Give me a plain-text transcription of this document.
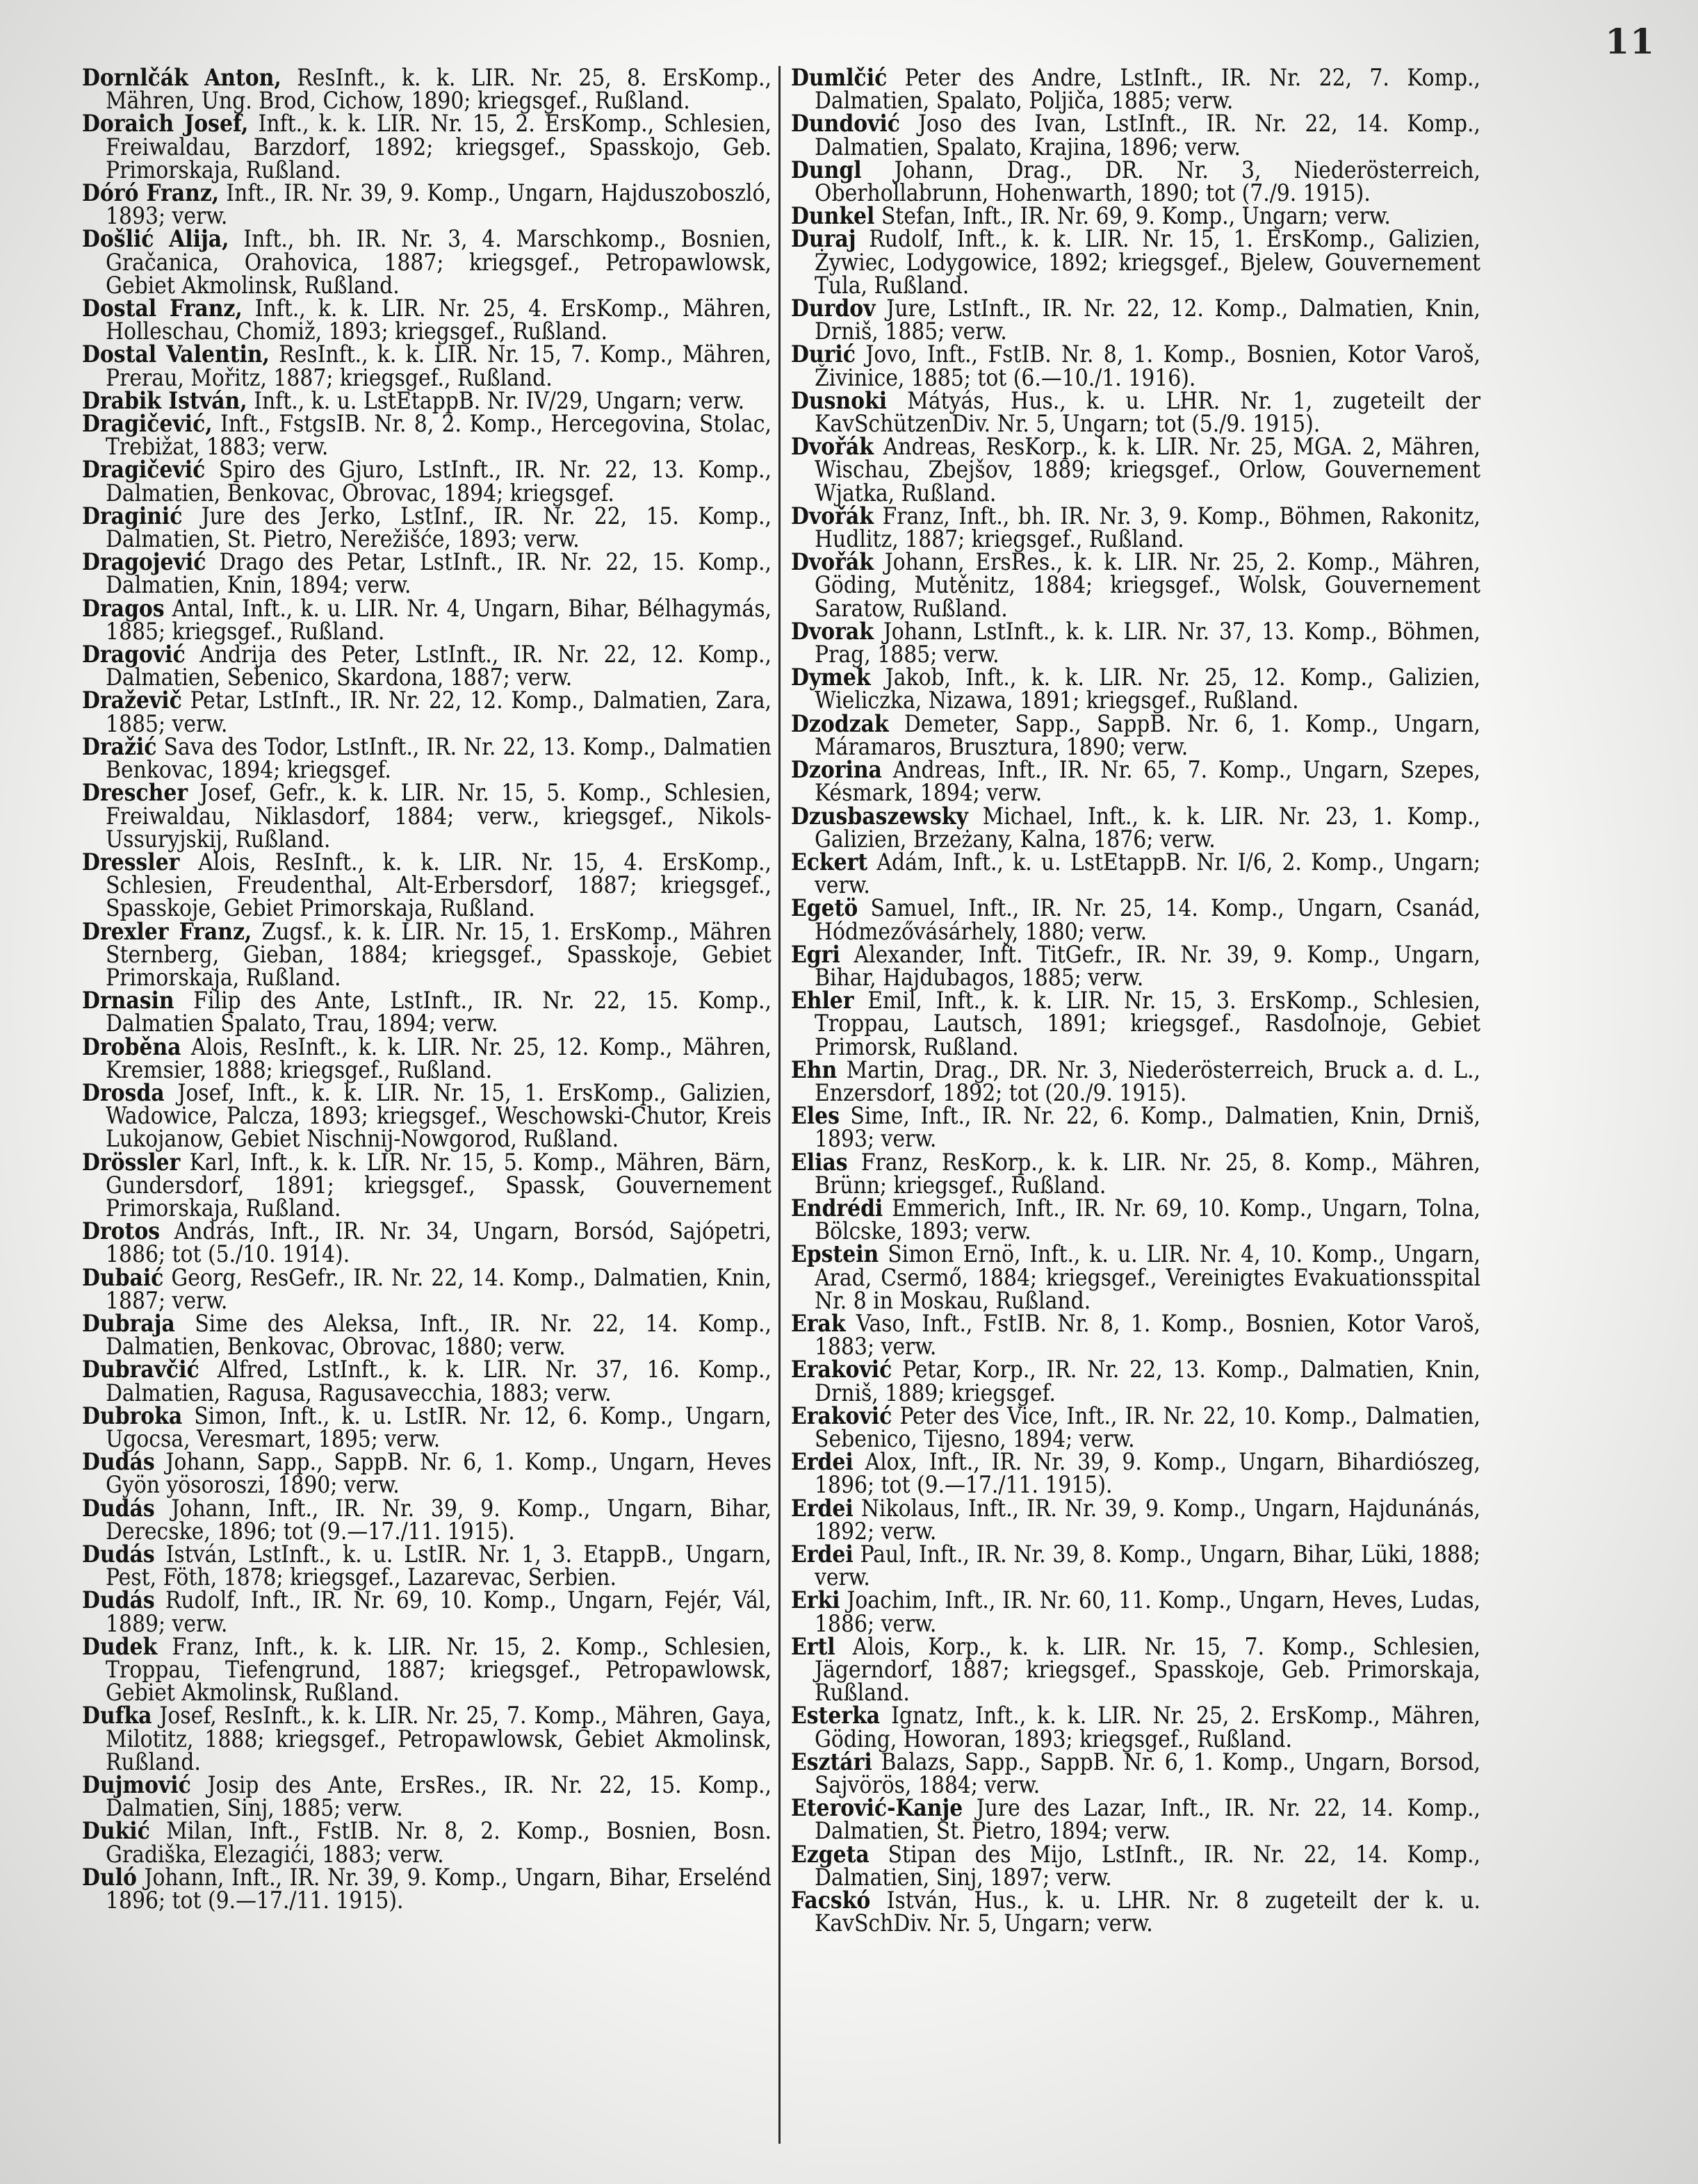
11

Dornlčák Anton, ResInft., k. k. LIR. Nr. 25, 8. ErsKomp., Mähren, Ung. Brod, Cichow, 1890; kriegsgef., Rußland.

Doraich Josef, Inft., k. k. LIR. Nr. 15, 2. ErsKomp., Schlesien, Freiwaldau, Barzdorf, 1892; kriegsgef., Spasskojo, Geb. Primorskaja, Rußland.

Dóró Franz, Inft., IR. Nr. 39, 9. Komp., Ungarn, Hajduszoboszló, 1893; verw.

Došlić Alija, Inft., bh. IR. Nr. 3, 4. Marschkomp., Bosnien, Gračanica, Orahovica, 1887; kriegsgef., Petropawlowsk, Gebiet Akmolinsk, Rußland.

Dostal Franz, Inft., k. k. LIR. Nr. 25, 4. ErsKomp., Mähren, Holleschau, Chomiž, 1893; kriegsgef., Rußland.

Dostal Valentin, ResInft., k. k. LIR. Nr. 15, 7. Komp., Mähren, Prerau, Mořitz, 1887; kriegsgef., Rußland.

Drabik István, Inft., k. u. LstEtappB. Nr. IV/29, Ungarn; verw.

Dragičević, Inft., FstgsIB. Nr. 8, 2. Komp., Hercegovina, Stolac, Trebižat, 1883; verw.

Dragičević Spiro des Gjuro, LstInft., IR. Nr. 22, 13. Komp., Dalmatien, Benkovac, Obrovac, 1894; kriegsgef.

Draginić Jure des Jerko, LstInf., IR. Nr. 22, 15. Komp., Dalmatien, St. Pietro, Nerežišće, 1893; verw.

Dragojević Drago des Petar, LstInft., IR. Nr. 22, 15. Komp., Dalmatien, Knin, 1894; verw.

Dragos Antal, Inft., k. u. LIR. Nr. 4, Ungarn, Bihar, Bélhagymás, 1885; kriegsgef., Rußland.

Dragović Andrija des Peter, LstInft., IR. Nr. 22, 12. Komp., Dalmatien, Sebenico, Skardona, 1887; verw.

Draževič Petar, LstInft., IR. Nr. 22, 12. Komp., Dalmatien, Zara, 1885; verw.

Dražić Sava des Todor, LstInft., IR. Nr. 22, 13. Komp., Dalmatien Benkovac, 1894; kriegsgef.

Drescher Josef, Gefr., k. k. LIR. Nr. 15, 5. Komp., Schlesien, Freiwaldau, Niklasdorf, 1884; verw., kriegsgef., Nikols-Ussuryjskij, Rußland.

Dressler Alois, ResInft., k. k. LIR. Nr. 15, 4. ErsKomp., Schlesien, Freudenthal, Alt-Erbersdorf, 1887; kriegsgef., Spasskoje, Gebiet Primorskaja, Rußland.

Drexler Franz, Zugsf., k. k. LIR. Nr. 15, 1. ErsKomp., Mähren Sternberg, Gieban, 1884; kriegsgef., Spasskoje, Gebiet Primorskaja, Rußland.

Drnasin Filip des Ante, LstInft., IR. Nr. 22, 15. Komp., Dalmatien Spalato, Trau, 1894; verw.

Droběna Alois, ResInft., k. k. LIR. Nr. 25, 12. Komp., Mähren, Kremsier, 1888; kriegsgef., Rußland.

Drosda Josef, Inft., k. k. LIR. Nr. 15, 1. ErsKomp., Galizien, Wadowice, Palcza, 1893; kriegsgef., Weschowski-Chutor, Kreis Lukojanow, Gebiet Nischnij-Nowgorod, Rußland.

Drössler Karl, Inft., k. k. LIR. Nr. 15, 5. Komp., Mähren, Bärn, Gundersdorf, 1891; kriegsgef., Spassk, Gouvernement Primorskaja, Rußland.

Drotos András, Inft., IR. Nr. 34, Ungarn, Borsód, Sajópetri, 1886; tot (5./10. 1914).

Dubaić Georg, ResGefr., IR. Nr. 22, 14. Komp., Dalmatien, Knin, 1887; verw.

Dubraja Sime des Aleksa, Inft., IR. Nr. 22, 14. Komp., Dalmatien, Benkovac, Obrovac, 1880; verw.

Dubravčić Alfred, LstInft., k. k. LIR. Nr. 37, 16. Komp., Dalmatien, Ragusa, Ragusavecchia, 1883; verw.

Dubroka Simon, Inft., k. u. LstIR. Nr. 12, 6. Komp., Ungarn, Ugocsa, Veresmart, 1895; verw.

Dudás Johann, Sapp., SappB. Nr. 6, 1. Komp., Ungarn, Heves Gyön yösoroszi, 1890; verw.

Dudás Johann, Inft., IR. Nr. 39, 9. Komp., Ungarn, Bihar, Derecske, 1896; tot (9.—17./11. 1915).

Dudás István, LstInft., k. u. LstIR. Nr. 1, 3. EtappB., Ungarn, Pest, Föth, 1878; kriegsgef., Lazarevac, Serbien.

Dudás Rudolf, Inft., IR. Nr. 69, 10. Komp., Ungarn, Fejér, Vál, 1889; verw.

Dudek Franz, Inft., k. k. LIR. Nr. 15, 2. Komp., Schlesien, Troppau, Tiefengrund, 1887; kriegsgef., Petropawlowsk, Gebiet Akmolinsk, Rußland.

Dufka Josef, ResInft., k. k. LIR. Nr. 25, 7. Komp., Mähren, Gaya, Milotitz, 1888; kriegsgef., Petropawlowsk, Gebiet Akmolinsk, Rußland.

Dujmović Josip des Ante, ErsRes., IR. Nr. 22, 15. Komp., Dalmatien, Sinj, 1885; verw.

Dukić Milan, Inft., FstIB. Nr. 8, 2. Komp., Bosnien, Bosn. Gradiška, Elezagići, 1883; verw.

Duló Johann, Inft., IR. Nr. 39, 9. Komp., Ungarn, Bihar, Erselénd 1896; tot (9.—17./11. 1915).

Dumlčić Peter des Andre, LstInft., IR. Nr. 22, 7. Komp., Dalmatien, Spalato, Poljiča, 1885; verw.

Dundović Joso des Ivan, LstInft., IR. Nr. 22, 14. Komp., Dalmatien, Spalato, Krajina, 1896; verw.

Dungl Johann, Drag., DR. Nr. 3, Niederösterreich, Oberhollabrunn, Hohenwarth, 1890; tot (7./9. 1915).

Dunkel Stefan, Inft., IR. Nr. 69, 9. Komp., Ungarn; verw.

Duraj Rudolf, Inft., k. k. LIR. Nr. 15, 1. ErsKomp., Galizien, Żywiec, Lodygowice, 1892; kriegsgef., Bjelew, Gouvernement Tula, Rußland.

Durdov Jure, LstInft., IR. Nr. 22, 12. Komp., Dalmatien, Knin, Drniš, 1885; verw.

Durić Jovo, Inft., FstIB. Nr. 8, 1. Komp., Bosnien, Kotor Varoš, Živinice, 1885; tot (6.—10./1. 1916).

Dusnoki Mátyás, Hus., k. u. LHR. Nr. 1, zugeteilt der KavSchützenDiv. Nr. 5, Ungarn; tot (5./9. 1915).

Dvořák Andreas, ResKorp., k. k. LIR. Nr. 25, MGA. 2, Mähren, Wischau, Zbejšov, 1889; kriegsgef., Orlow, Gouvernement Wjatka, Rußland.

Dvořák Franz, Inft., bh. IR. Nr. 3, 9. Komp., Böhmen, Rakonitz, Hudlitz, 1887; kriegsgef., Rußland.

Dvořák Johann, ErsRes., k. k. LIR. Nr. 25, 2. Komp., Mähren, Göding, Mutěnitz, 1884; kriegsgef., Wolsk, Gouvernement Saratow, Rußland.

Dvorak Johann, LstInft., k. k. LIR. Nr. 37, 13. Komp., Böhmen, Prag, 1885; verw.

Dymek Jakob, Inft., k. k. LIR. Nr. 25, 12. Komp., Galizien, Wieliczka, Nizawa, 1891; kriegsgef., Rußland.

Dzodzak Demeter, Sapp., SappB. Nr. 6, 1. Komp., Ungarn, Máramaros, Brusztura, 1890; verw.

Dzorina Andreas, Inft., IR. Nr. 65, 7. Komp., Ungarn, Szepes, Késmark, 1894; verw.

Dzusbaszewsky Michael, Inft., k. k. LIR. Nr. 23, 1. Komp., Galizien, Brzeżany, Kalna, 1876; verw.

Eckert Adám, Inft., k. u. LstEtappB. Nr. I/6, 2. Komp., Ungarn; verw.

Egetö Samuel, Inft., IR. Nr. 25, 14. Komp., Ungarn, Csanád, Hódmezővásárhely, 1880; verw.

Egri Alexander, Inft. TitGefr., IR. Nr. 39, 9. Komp., Ungarn, Bihar, Hajdubagos, 1885; verw.

Ehler Emil, Inft., k. k. LIR. Nr. 15, 3. ErsKomp., Schlesien, Troppau, Lautsch, 1891; kriegsgef., Rasdolnoje, Gebiet Primorsk, Rußland.

Ehn Martin, Drag., DR. Nr. 3, Niederösterreich, Bruck a. d. L., Enzersdorf, 1892; tot (20./9. 1915).

Eles Sime, Inft., IR. Nr. 22, 6. Komp., Dalmatien, Knin, Drniš, 1893; verw.

Elias Franz, ResKorp., k. k. LIR. Nr. 25, 8. Komp., Mähren, Brünn; kriegsgef., Rußland.

Endrédi Emmerich, Inft., IR. Nr. 69, 10. Komp., Ungarn, Tolna, Bölcske, 1893; verw.

Epstein Simon Ernö, Inft., k. u. LIR. Nr. 4, 10. Komp., Ungarn, Arad, Csermő, 1884; kriegsgef., Vereinigtes Evakuationsspital Nr. 8 in Moskau, Rußland.

Erak Vaso, Inft., FstIB. Nr. 8, 1. Komp., Bosnien, Kotor Varoš, 1883; verw.

Eraković Petar, Korp., IR. Nr. 22, 13. Komp., Dalmatien, Knin, Drniš, 1889; kriegsgef.

Eraković Peter des Vice, Inft., IR. Nr. 22, 10. Komp., Dalmatien, Sebenico, Tijesno, 1894; verw.

Erdei Alox, Inft., IR. Nr. 39, 9. Komp., Ungarn, Bihardiószeg, 1896; tot (9.—17./11. 1915).

Erdei Nikolaus, Inft., IR. Nr. 39, 9. Komp., Ungarn, Hajdunánás, 1892; verw.

Erdei Paul, Inft., IR. Nr. 39, 8. Komp., Ungarn, Bihar, Lüki, 1888; verw.

Erki Joachim, Inft., IR. Nr. 60, 11. Komp., Ungarn, Heves, Ludas, 1886; verw.

Ertl Alois, Korp., k. k. LIR. Nr. 15, 7. Komp., Schlesien, Jägerndorf, 1887; kriegsgef., Spasskoje, Geb. Primorskaja, Rußland.

Esterka Ignatz, Inft., k. k. LIR. Nr. 25, 2. ErsKomp., Mähren, Göding, Howoran, 1893; kriegsgef., Rußland.

Esztári Balazs, Sapp., SappB. Nr. 6, 1. Komp., Ungarn, Borsod, Sajvörös, 1884; verw.

Eterović-Kanje Jure des Lazar, Inft., IR. Nr. 22, 14. Komp., Dalmatien, St. Pietro, 1894; verw.

Ezgeta Stipan des Mijo, LstInft., IR. Nr. 22, 14. Komp., Dalmatien, Sinj, 1897; verw.

Facskó István, Hus., k. u. LHR. Nr. 8 zugeteilt der k. u. KavSchDiv. Nr. 5, Ungarn; verw.
